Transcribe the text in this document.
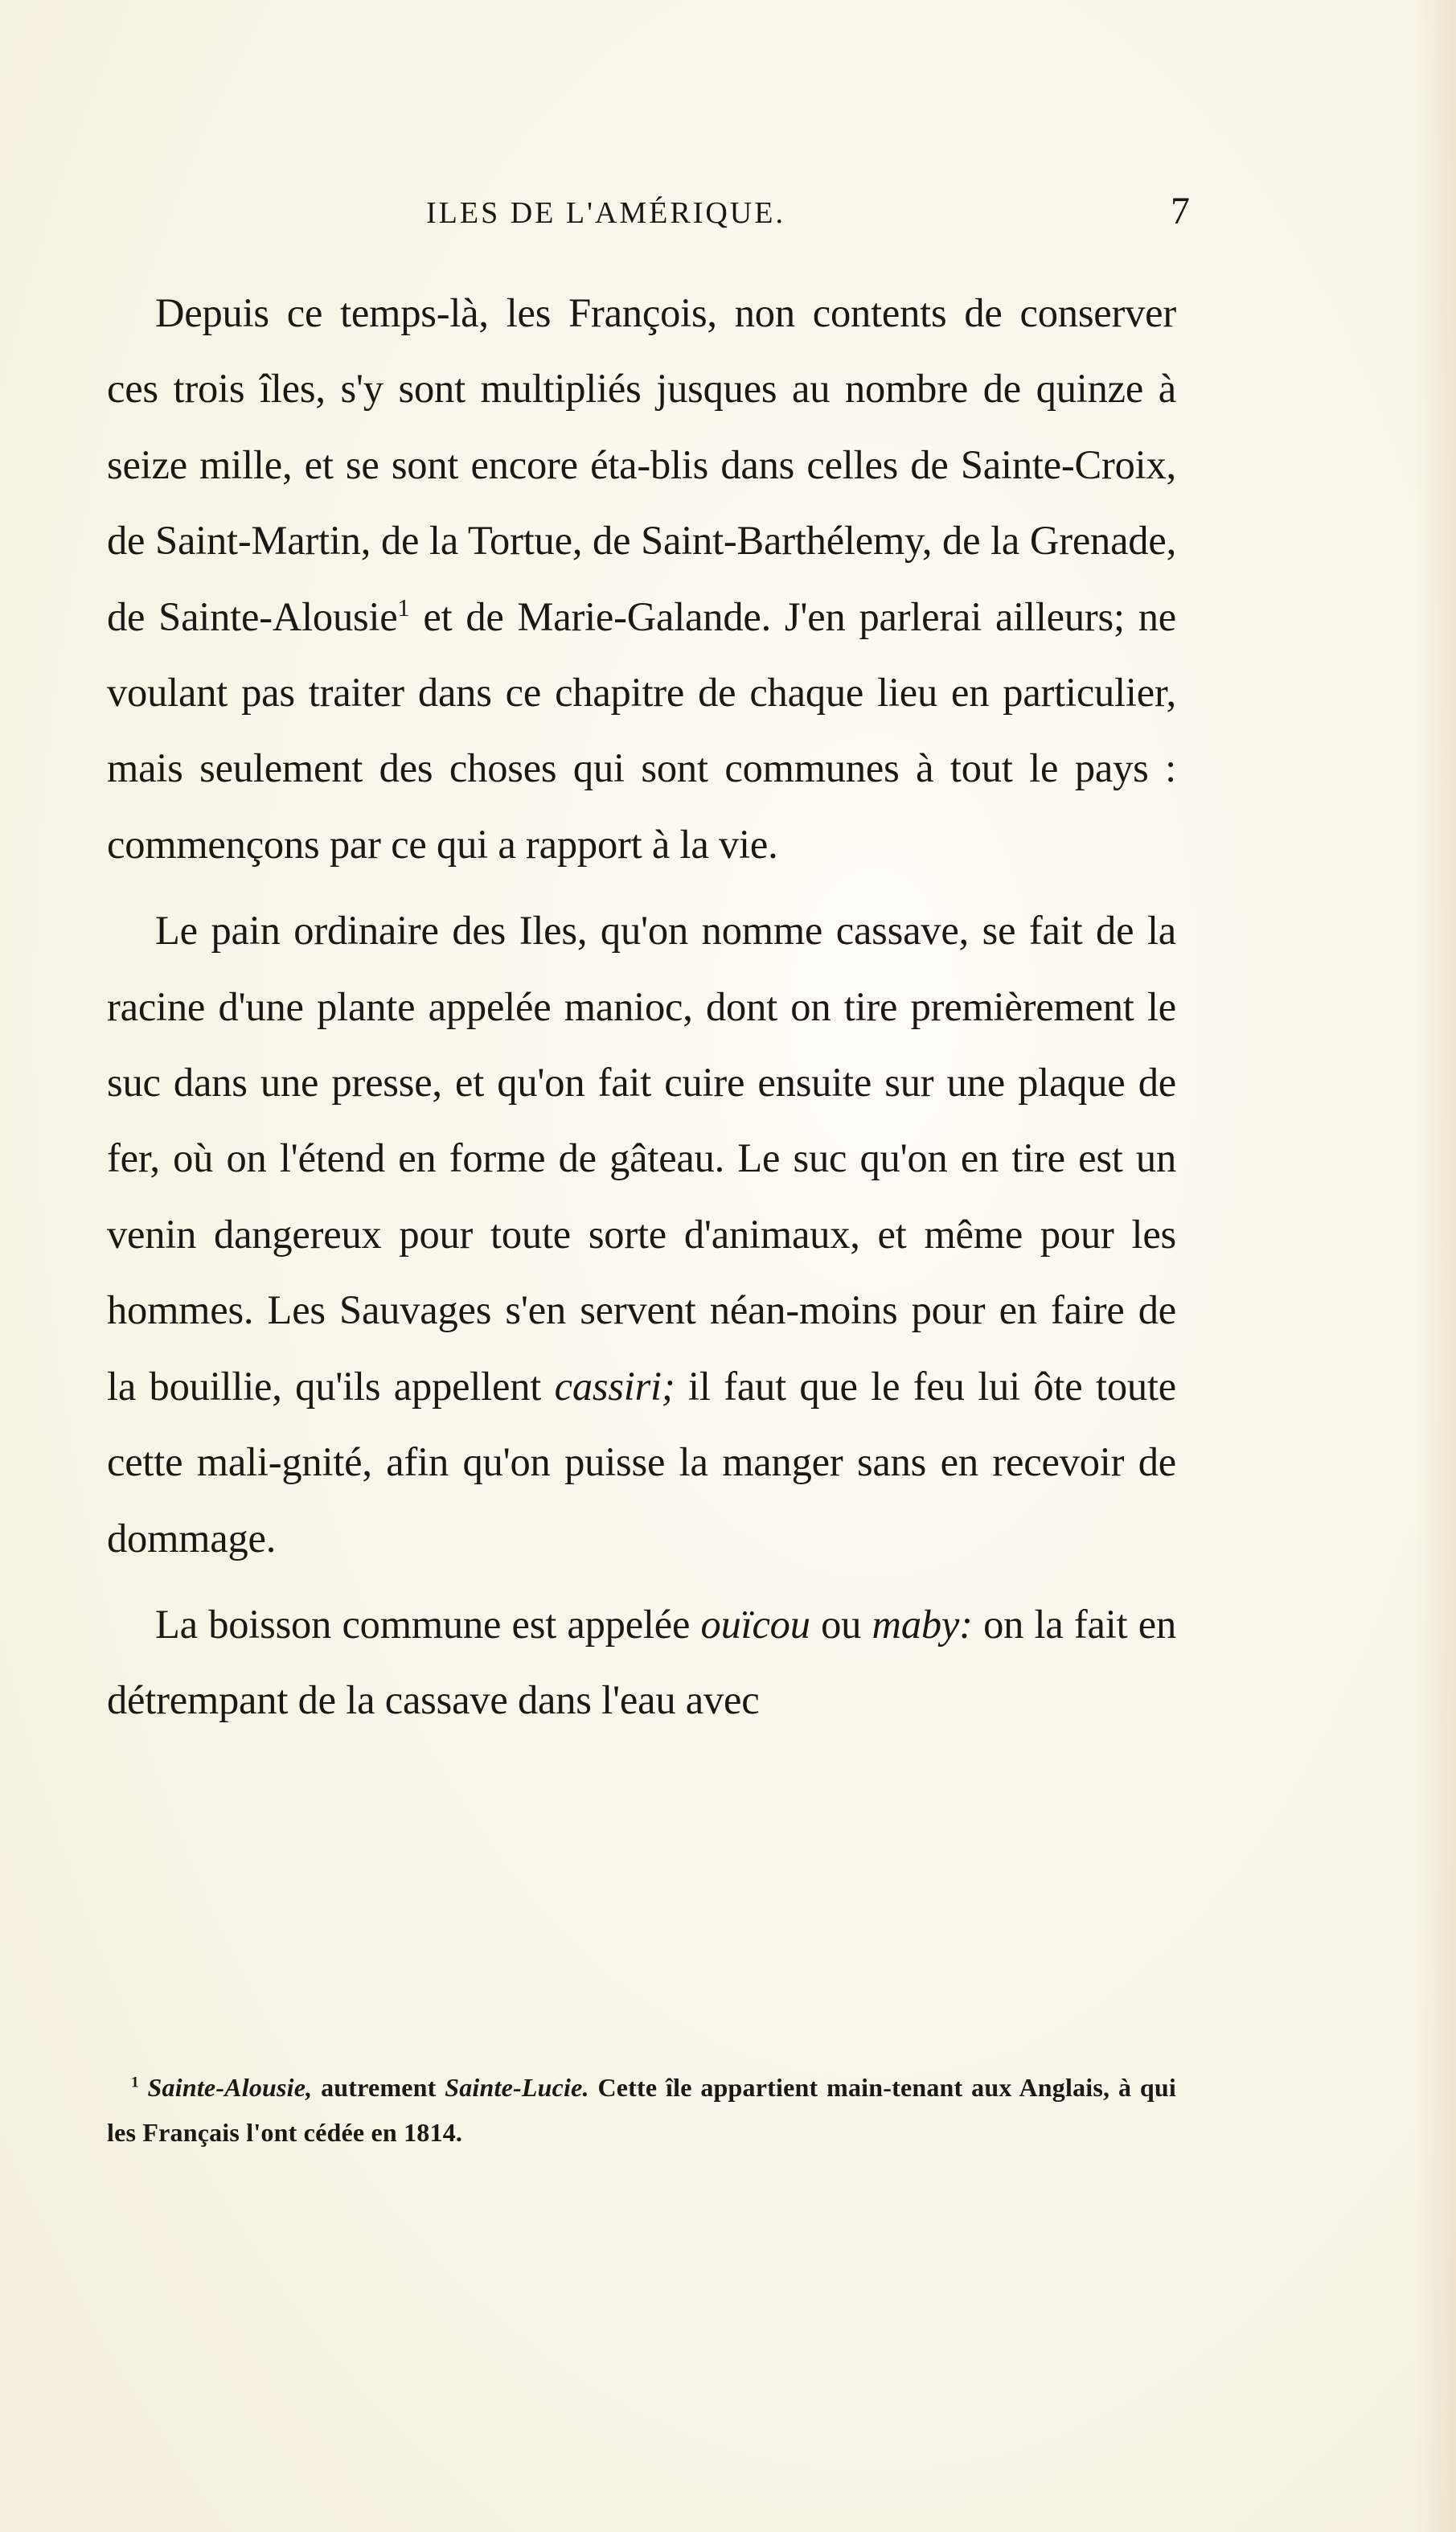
ILES DE L'AMÉRIQUE.	7

Depuis ce temps-là, les François, non contents de conserver ces trois îles, s'y sont multipliés jusques au nombre de quinze à seize mille, et se sont encore éta-blis dans celles de Sainte-Croix, de Saint-Martin, de la Tortue, de Saint-Barthélemy, de la Grenade, de Sainte-Alousie$^1$ et de Marie-Galande. J'en parlerai ailleurs; ne voulant pas traiter dans ce chapitre de chaque lieu en particulier, mais seulement des choses qui sont communes à tout le pays : commençons par ce qui a rapport à la vie.

Le pain ordinaire des Iles, qu'on nomme cassave, se fait de la racine d'une plante appelée manioc, dont on tire premièrement le suc dans une presse, et qu'on fait cuire ensuite sur une plaque de fer, où on l'étend en forme de gâteau. Le suc qu'on en tire est un venin dangereux pour toute sorte d'animaux, et même pour les hommes. Les Sauvages s'en servent néan-moins pour en faire de la bouillie, qu'ils appellent cassiri; il faut que le feu lui ôte toute cette mali-gnité, afin qu'on puisse la manger sans en recevoir de dommage.

La boisson commune est appelée ouïcou ou maby: on la fait en détrempant de la cassave dans l'eau avec

$^1$ Sainte-Alousie, autrement Sainte-Lucie. Cette île appartient main-tenant aux Anglais, à qui les Français l'ont cédée en 1814.
